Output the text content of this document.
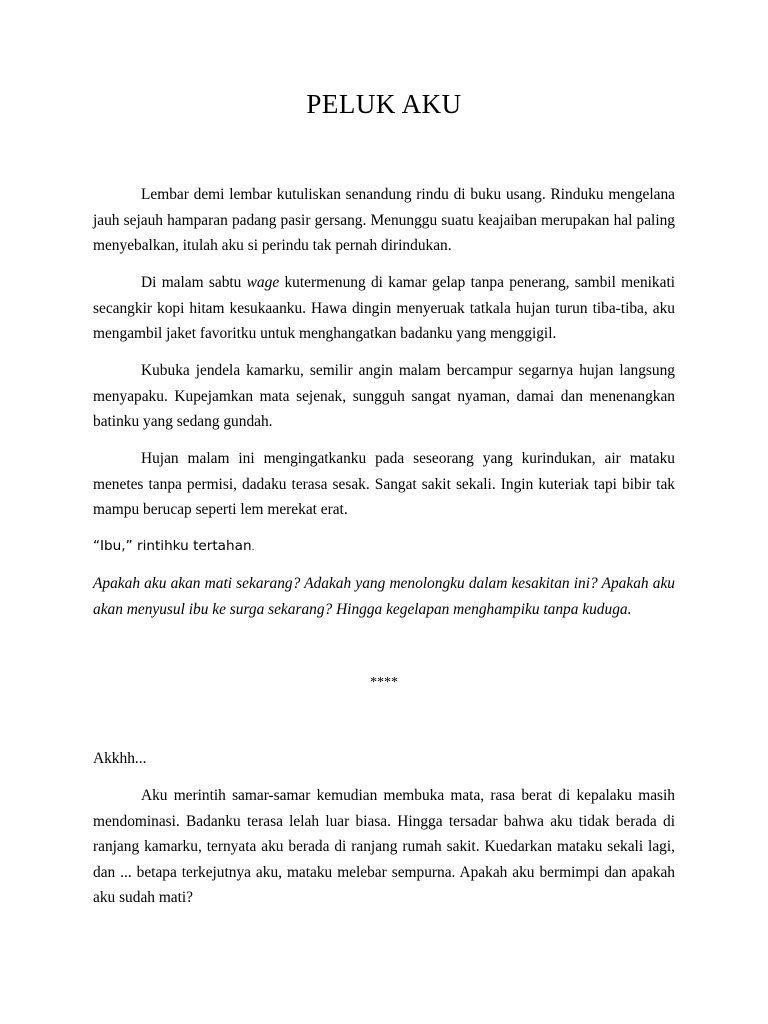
PELUK AKU

Lembar demi lembar kutuliskan senandung rindu di buku usang. Rinduku mengelana jauh sejauh hamparan padang pasir gersang. Menunggu suatu keajaiban merupakan hal paling menyebalkan, itulah aku si perindu tak pernah dirindukan.

Di malam sabtu wage kutermenung di kamar gelap tanpa penerang, sambil menikati secangkir kopi hitam kesukaanku. Hawa dingin menyeruak tatkala hujan turun tiba-tiba, aku mengambil jaket favoritku untuk menghangatkan badanku yang menggigil.

Kubuka jendela kamarku, semilir angin malam bercampur segarnya hujan langsung menyapaku. Kupejamkan mata sejenak, sungguh sangat nyaman, damai dan menenangkan batinku yang sedang gundah.

Hujan malam ini mengingatkanku pada seseorang yang kurindukan, air mataku menetes tanpa permisi, dadaku terasa sesak. Sangat sakit sekali. Ingin kuteriak tapi bibir tak mampu berucap seperti lem merekat erat.

“Ibu,” rintihku tertahan.

Apakah aku akan mati sekarang? Adakah yang menolongku dalam kesakitan ini? Apakah aku akan menyusul ibu ke surga sekarang? Hingga kegelapan menghampiku tanpa kuduga.

****

Akkhh...

Aku merintih samar-samar kemudian membuka mata, rasa berat di kepalaku masih mendominasi. Badanku terasa lelah luar biasa. Hingga tersadar bahwa aku tidak berada di ranjang kamarku, ternyata aku berada di ranjang rumah sakit. Kuedarkan mataku sekali lagi, dan ... betapa terkejutnya aku, mataku melebar sempurna. Apakah aku bermimpi dan apakah aku sudah mati?
